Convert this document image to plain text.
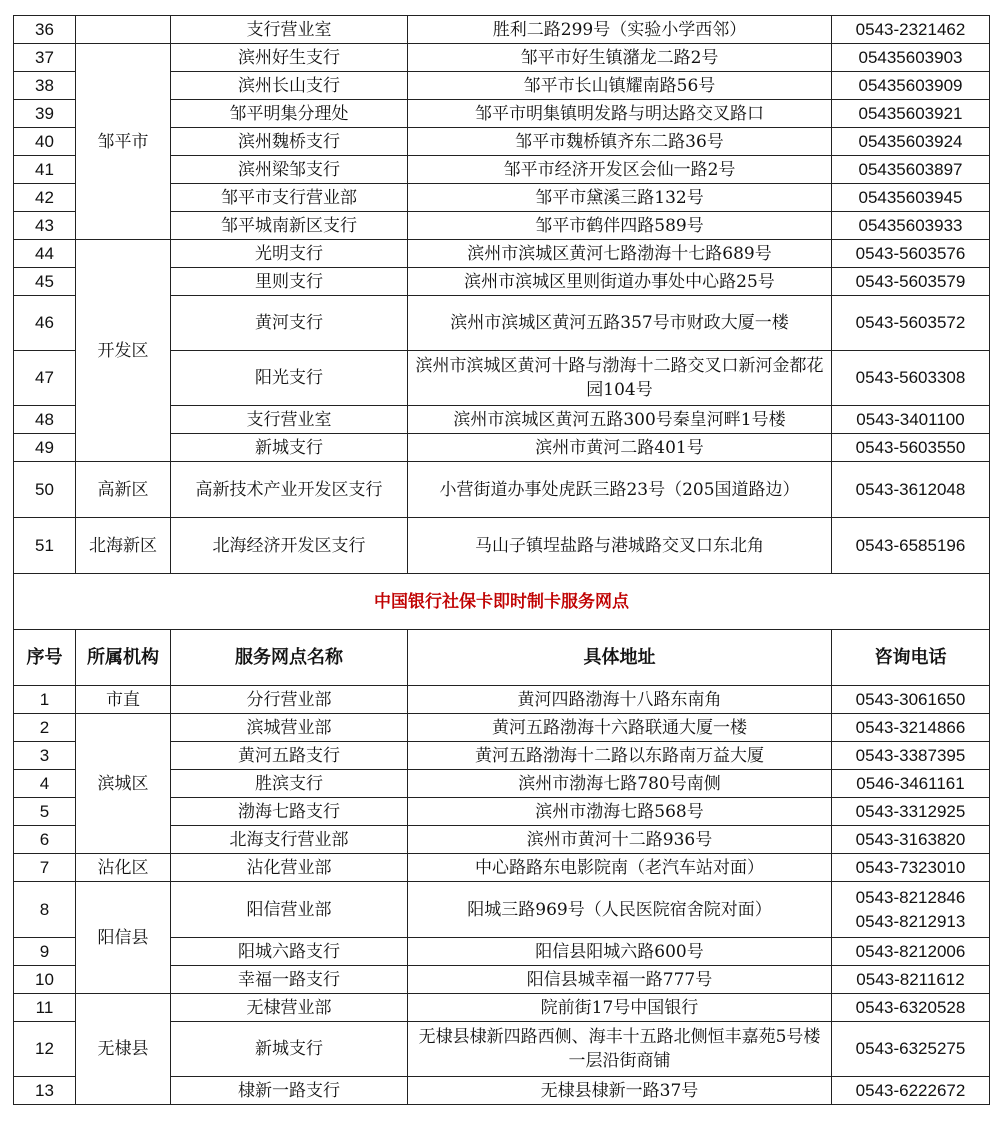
36		支行营业室	胜利二路299号（实验小学西邻）	0543-2321462
37	邹平市	滨州好生支行	邹平市好生镇潴龙二路2号	05435603903
38		滨州长山支行	邹平市长山镇耀南路56号	05435603909
39		邹平明集分理处	邹平市明集镇明发路与明达路交叉路口	05435603921
40		滨州魏桥支行	邹平市魏桥镇齐东二路36号	05435603924
41		滨州梁邹支行	邹平市经济开发区会仙一路2号	05435603897
42		邹平市支行营业部	邹平市黛溪三路132号	05435603945
43		邹平城南新区支行	邹平市鹤伴四路589号	05435603933
44	开发区	光明支行	滨州市滨城区黄河七路渤海十七路689号	0543-5603576
45		里则支行	滨州市滨城区里则街道办事处中心路25号	0543-5603579
46		黄河支行	滨州市滨城区黄河五路357号市财政大厦一楼	0543-5603572
47		阳光支行	滨州市滨城区黄河十路与渤海十二路交叉口新河金都花园104号	0543-5603308
48		支行营业室	滨州市滨城区黄河五路300号秦皇河畔1号楼	0543-3401100
49		新城支行	滨州市黄河二路401号	0543-5603550
50	高新区	高新技术产业开发区支行	小营街道办事处虎跃三路23号（205国道路边）	0543-3612048
51	北海新区	北海经济开发区支行	马山子镇埕盐路与港城路交叉口东北角	0543-6585196
中国银行社保卡即时制卡服务网点				
序号	所属机构	服务网点名称	具体地址	咨询电话
1	市直	分行营业部	黄河四路渤海十八路东南角	0543-3061650
2	滨城区	滨城营业部	黄河五路渤海十六路联通大厦一楼	0543-3214866
3		黄河五路支行	黄河五路渤海十二路以东路南万益大厦	0543-3387395
4		胜滨支行	滨州市渤海七路780号南侧	0546-3461161
5		渤海七路支行	滨州市渤海七路568号	0543-3312925
6		北海支行营业部	滨州市黄河十二路936号	0543-3163820
7	沾化区	沾化营业部	中心路路东电影院南（老汽车站对面）	0543-7323010
8	阳信县	阳信营业部	阳城三路969号（人民医院宿舍院对面）	0543-8212846
0543-8212913

9		阳城六路支行	阳信县阳城六路600号	0543-8212006
10		幸福一路支行	阳信县城幸福一路777号	0543-8211612
11	无棣县	无棣营业部	院前街17号中国银行	0543-6320528
12		新城支行	无棣县棣新四路西侧、海丰十五路北侧恒丰嘉苑5号楼一层沿街商铺	0543-6325275
13		棣新一路支行	无棣县棣新一路37号	0543-6222672
